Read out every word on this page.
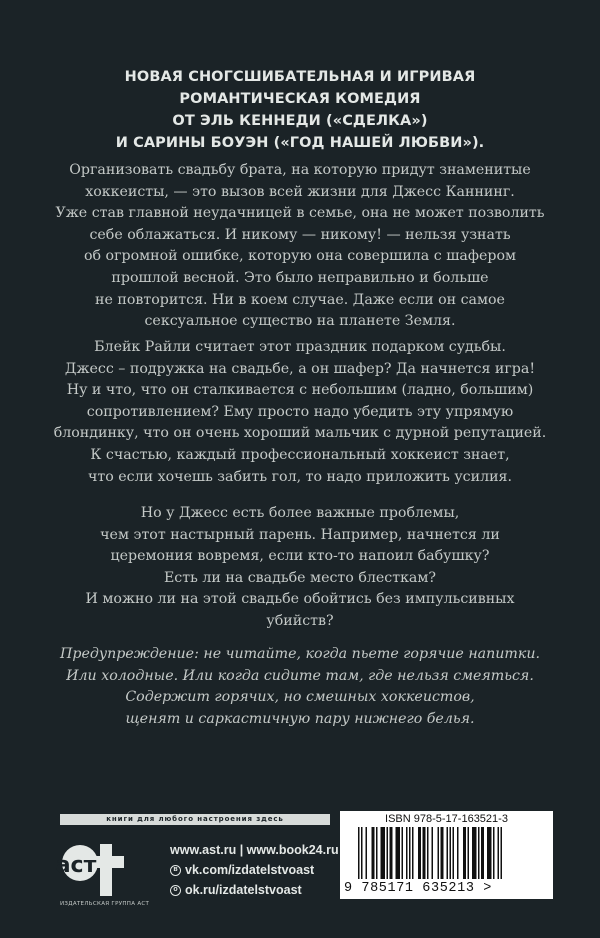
НОВАЯ СНОГСШИБАТЕЛЬНАЯ И ИГРИВАЯ
РОМАНТИЧЕСКАЯ КОМЕДИЯ
ОТ ЭЛЬ КЕННЕДИ («СДЕЛКА»)
И САРИНЫ БОУЭН («ГОД НАШЕЙ ЛЮБВИ»).
Организовать свадьбу брата, на которую придут знаменитые
хоккеисты, — это вызов всей жизни для Джесс Каннинг.
Уже став главной неудачницей в семье, она не может позволить
себе облажаться. И никому — никому! — нельзя узнать
об огромной ошибке, которую она совершила с шафером
прошлой весной. Это было неправильно и больше
не повторится. Ни в коем случае. Даже если он самое
сексуальное существо на планете Земля.
Блейк Райли считает этот праздник подарком судьбы.
Джесс – подружка на свадьбе, а он шафер? Да начнется игра!
Ну и что, что он сталкивается с небольшим (ладно, большим)
сопротивлением? Ему просто надо убедить эту упрямую
блондинку, что он очень хороший мальчик с дурной репутацией.
К счастью, каждый профессиональный хоккеист знает,
что если хочешь забить гол, то надо приложить усилия.
Но у Джесс есть более важные проблемы,
чем этот настырный парень. Например, начнется ли
церемония вовремя, если кто-то напоил бабушку?
Есть ли на свадьбе место блесткам?
И можно ли на этой свадьбе обойтись без импульсивных
убийств?
Предупреждение: не читайте, когда пьете горячие напитки.
Или холодные. Или когда сидите там, где нельзя смеяться.
Содержит горячих, но смешных хоккеистов,
щенят и саркастичную пару нижнего белья.
книги для любого настроения здесь
аст
ИЗДАТЕЛЬСКАЯ ГРУППА АСТ
www.ast.ru | www.book24.ru
в vk.com/izdatelstvoast
о ok.ru/izdatelstvoast
ISBN 978-5-17-163521-3
9 785171 635213 >
